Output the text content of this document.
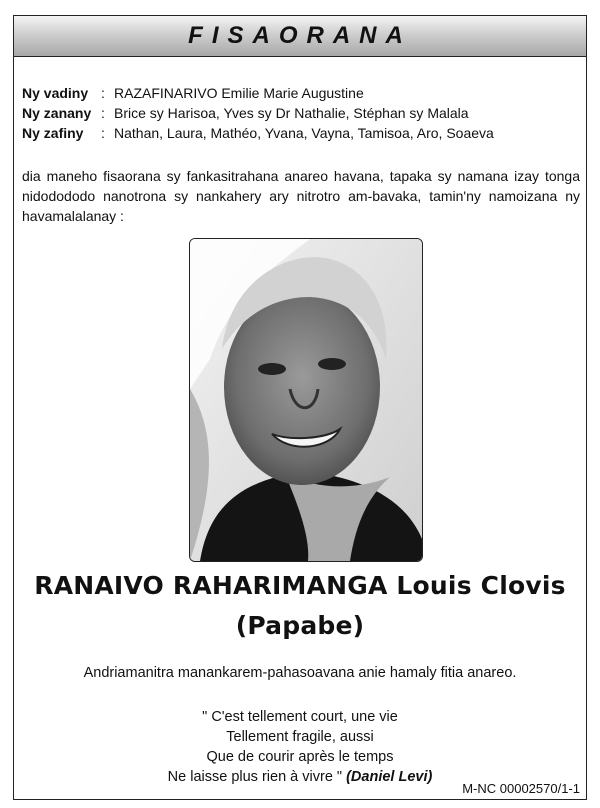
FISAORANA
Ny vadiny : RAZAFINARIVO Emilie Marie Augustine
Ny zanany : Brice sy Harisoa, Yves sy Dr Nathalie, Stéphan sy Malala
Ny zafiny	: Nathan, Laura, Mathéo, Yvana, Vayna, Tamisoa, Aro, Soaeva
dia maneho fisaorana sy fankasitrahana anareo havana, tapaka sy namana izay tonga nidodododo nanotrona sy nankahery ary nitrotro am-bavaka, tamin'ny namoizana ny havamalalanay :
RANAIVO RAHARIMANGA Louis Clovis
(Papabe)
Andriamanitra manankarem-pahasoavana anie hamaly fitia anareo.
" C'est tellement court, une vie
Tellement fragile, aussi
Que de courir après le temps
Ne laisse plus rien à vivre " (Daniel Levi)
M-NC 00002570/1-1
